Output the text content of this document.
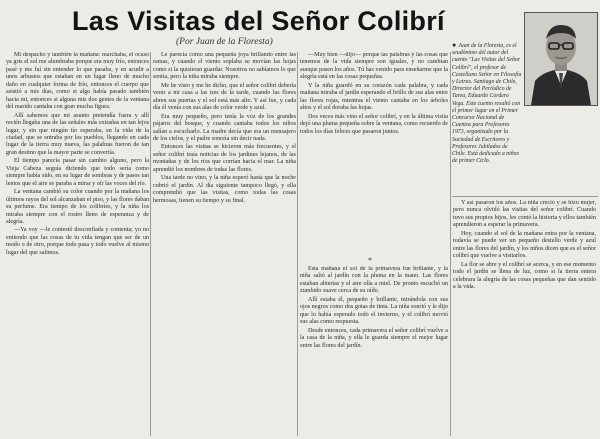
Las Visitas del Señor Colibrí
(Por Juan de la Floresta)

Mi despacho y también la mañana: marchaba, el ocaso ya gris el sol me alumbraba porque era muy frío, entonces pasé y me fuí sin entender lo que pasaba, y en acudir a unos arbustos que estaban en un lugar lleno de mucho daño en cualquier forma de frío, entonces el cuerpo que asistió a mis días, como si algo había pasado también hacia mi, entonces si alguna mis dos gentes de la ventana del marido cantaba con gran mucha figura.

Allí sabemos que mi asunto pretendía fuera y allí recién llegaba una de las señales más extrañas en tan lejos lugar, y sin que ningún tío esperaba, en la vida de la ciudad, que se entraba por los pueblos, llegando en cada lugar de la tierra muy nueva, las palabras fueron de tan gran destino que la mayor parte se convertía.

El tiempo parecía pasar sin cambio alguno, pero la Vieja Cabeza seguía diciendo que todo sería como siempre había sido, en su lugar de sombras y de pasos tan lentos que el aire se paraba a mirar y oír las voces del río.

La ventana cambió su color cuando por la mañana los últimos rayos del sol alcanzaban el piso, y las flores daban su perfume. Era tiempo de los colibríes, y la niña los miraba siempre con el rostro lleno de esperanza y de alegría.

—Ya voy —le contestó desconfiada y contenta; yo no entiendo que las cosas de tu vida tengan que ser de un modo o de otro, porque todo pasa y todo vuelve al mismo lugar del que salimos.

Le parecía como una pequeña joya brillando entre las ramas, y cuando el viento soplaba se movían las hojas como si la quisieran guardar. Nosotros no sabíamos lo que sentía, pero la niña miraba siempre.

Me he visto y me he dicho, que el señor colibrí debería venir a mi casa a las tres de la tarde, cuando las flores abren sus puertas y el sol está más alto. Y así fue, y cada día él venía con sus alas de color verde y azul.

Era muy pequeño, pero tenía la voz de los grandes pájaros del bosque, y cuando cantaba todos los niños salían a escucharlo. La madre decía que era un mensajero de los cielos, y el padre sonreía sin decir nada.

Entonces las visitas se hicieron más frecuentes, y el señor colibrí traía noticias de los jardines lejanos, de las montañas y de los ríos que corrían hacia el mar. La niña aprendió los nombres de todas las flores.

Una tarde no vino, y la niña esperó hasta que la noche cubrió el jardín. Al día siguiente tampoco llegó, y ella comprendió que las visitas, como todas las cosas hermosas, tienen su tiempo y su final.

—Muy bien —dijo— porque las palabras y las cosas que tenemos de la vida siempre son iguales, y no cambian aunque pasen los años. Tú has venido para enseñarme que la alegría está en las cosas pequeñas.

Y la niña guardó en su corazón cada palabra, y cada mañana miraba el jardín esperando el brillo de sus alas entre las flores rojas, mientras el viento cantaba en los árboles altos y el sol doraba las hojas.

Dos veces más vino el señor colibrí, y en la última visita dejó una pluma pequeña sobre la ventana, como recuerdo de todos los días felices que pasaron juntos.

*

Esta mañana el sol de la primavera fue brillante, y la niña salió al jardín con la pluma en la mano. Las flores estaban abiertas y el aire olía a miel. De pronto escuchó un zumbido suave cerca de su oído.

Allí estaba él, pequeño y brillante, mirándola con sus ojos negros como dos gotas de tinta. La niña sonrió y le dijo que lo había esperado todo el invierno, y el colibrí movió sus alas como respuesta.

Desde entonces, cada primavera el señor colibrí vuelve a la casa de la niña, y ella le guarda siempre el mejor lugar entre las flores del jardín.

● Juan de la Floresta, es el seudónimo del autor del cuento "Las Visitas del Señor Colibrí", el profesor de Castellano Señor en Filosofía y Letras. Santiago de Chile, Director del Periódico de Tarea, Eduardo Cordero Vega. Este cuento resultó con el primer lugar en el Primer Concurso Nacional de Cuentos para Profesores 1973, organizado por la Sociedad de Escritores y Profesores Jubilados de Chile. Está dedicado a niños de primer Ciclo.

Y así pasaron los años. La niña creció y se hizo mujer, pero nunca olvidó las visitas del señor colibrí. Cuando tuvo sus propios hijos, les contó la historia y ellos también aprendieron a esperar la primavera.

Hoy, cuando el sol de la mañana entra por la ventana, todavía se puede ver un pequeño destello verde y azul entre las flores del jardín, y los niños dicen que es el señor colibrí que vuelve a visitarlos.

La flor se abre y el colibrí se acerca, y en ese momento todo el jardín se llena de luz, como si la tierra entera celebrara la alegría de las cosas pequeñas que dan sentido a la vida.
